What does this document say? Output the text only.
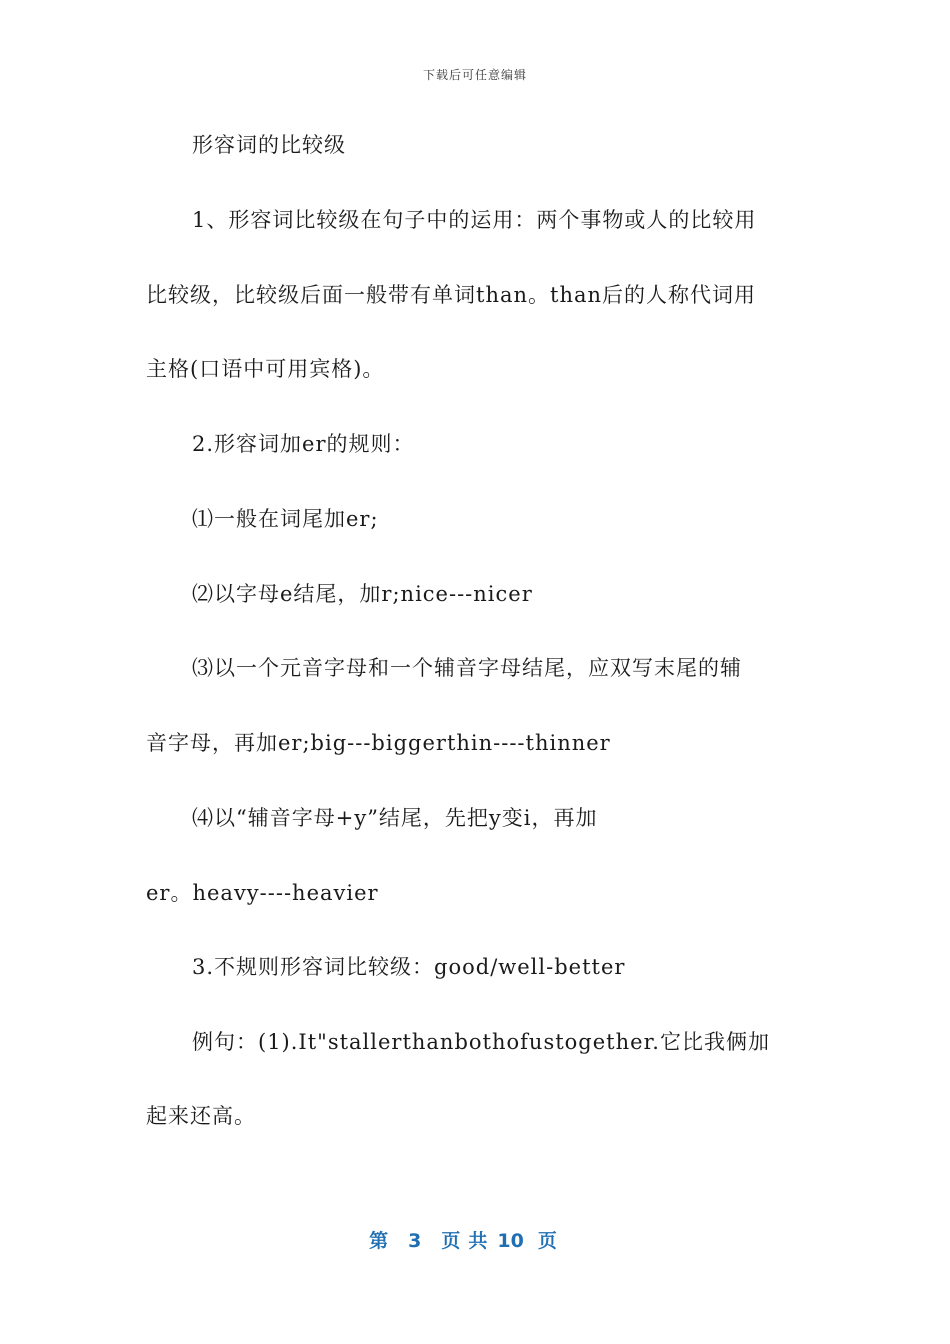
下载后可任意编辑
形容词的比较级
1、形容词比较级在句子中的运用：两个事物或人的比较用
比较级，比较级后面一般带有单词than。than后的人称代词用
主格(口语中可用宾格)。
2.形容词加er的规则：
⑴一般在词尾加er;
⑵以字母e结尾，加r;nice---nicer
⑶以一个元音字母和一个辅音字母结尾，应双写末尾的辅
音字母，再加er;big---biggerthin----thinner
⑷以“辅音字母+y”结尾，先把y变i，再加
er。heavy----heavier
3.不规则形容词比较级：good/well-better
例句：(1).It"stallerthanbothofustogether.它比我俩加
起来还高。
第 3 页 共 10 页
